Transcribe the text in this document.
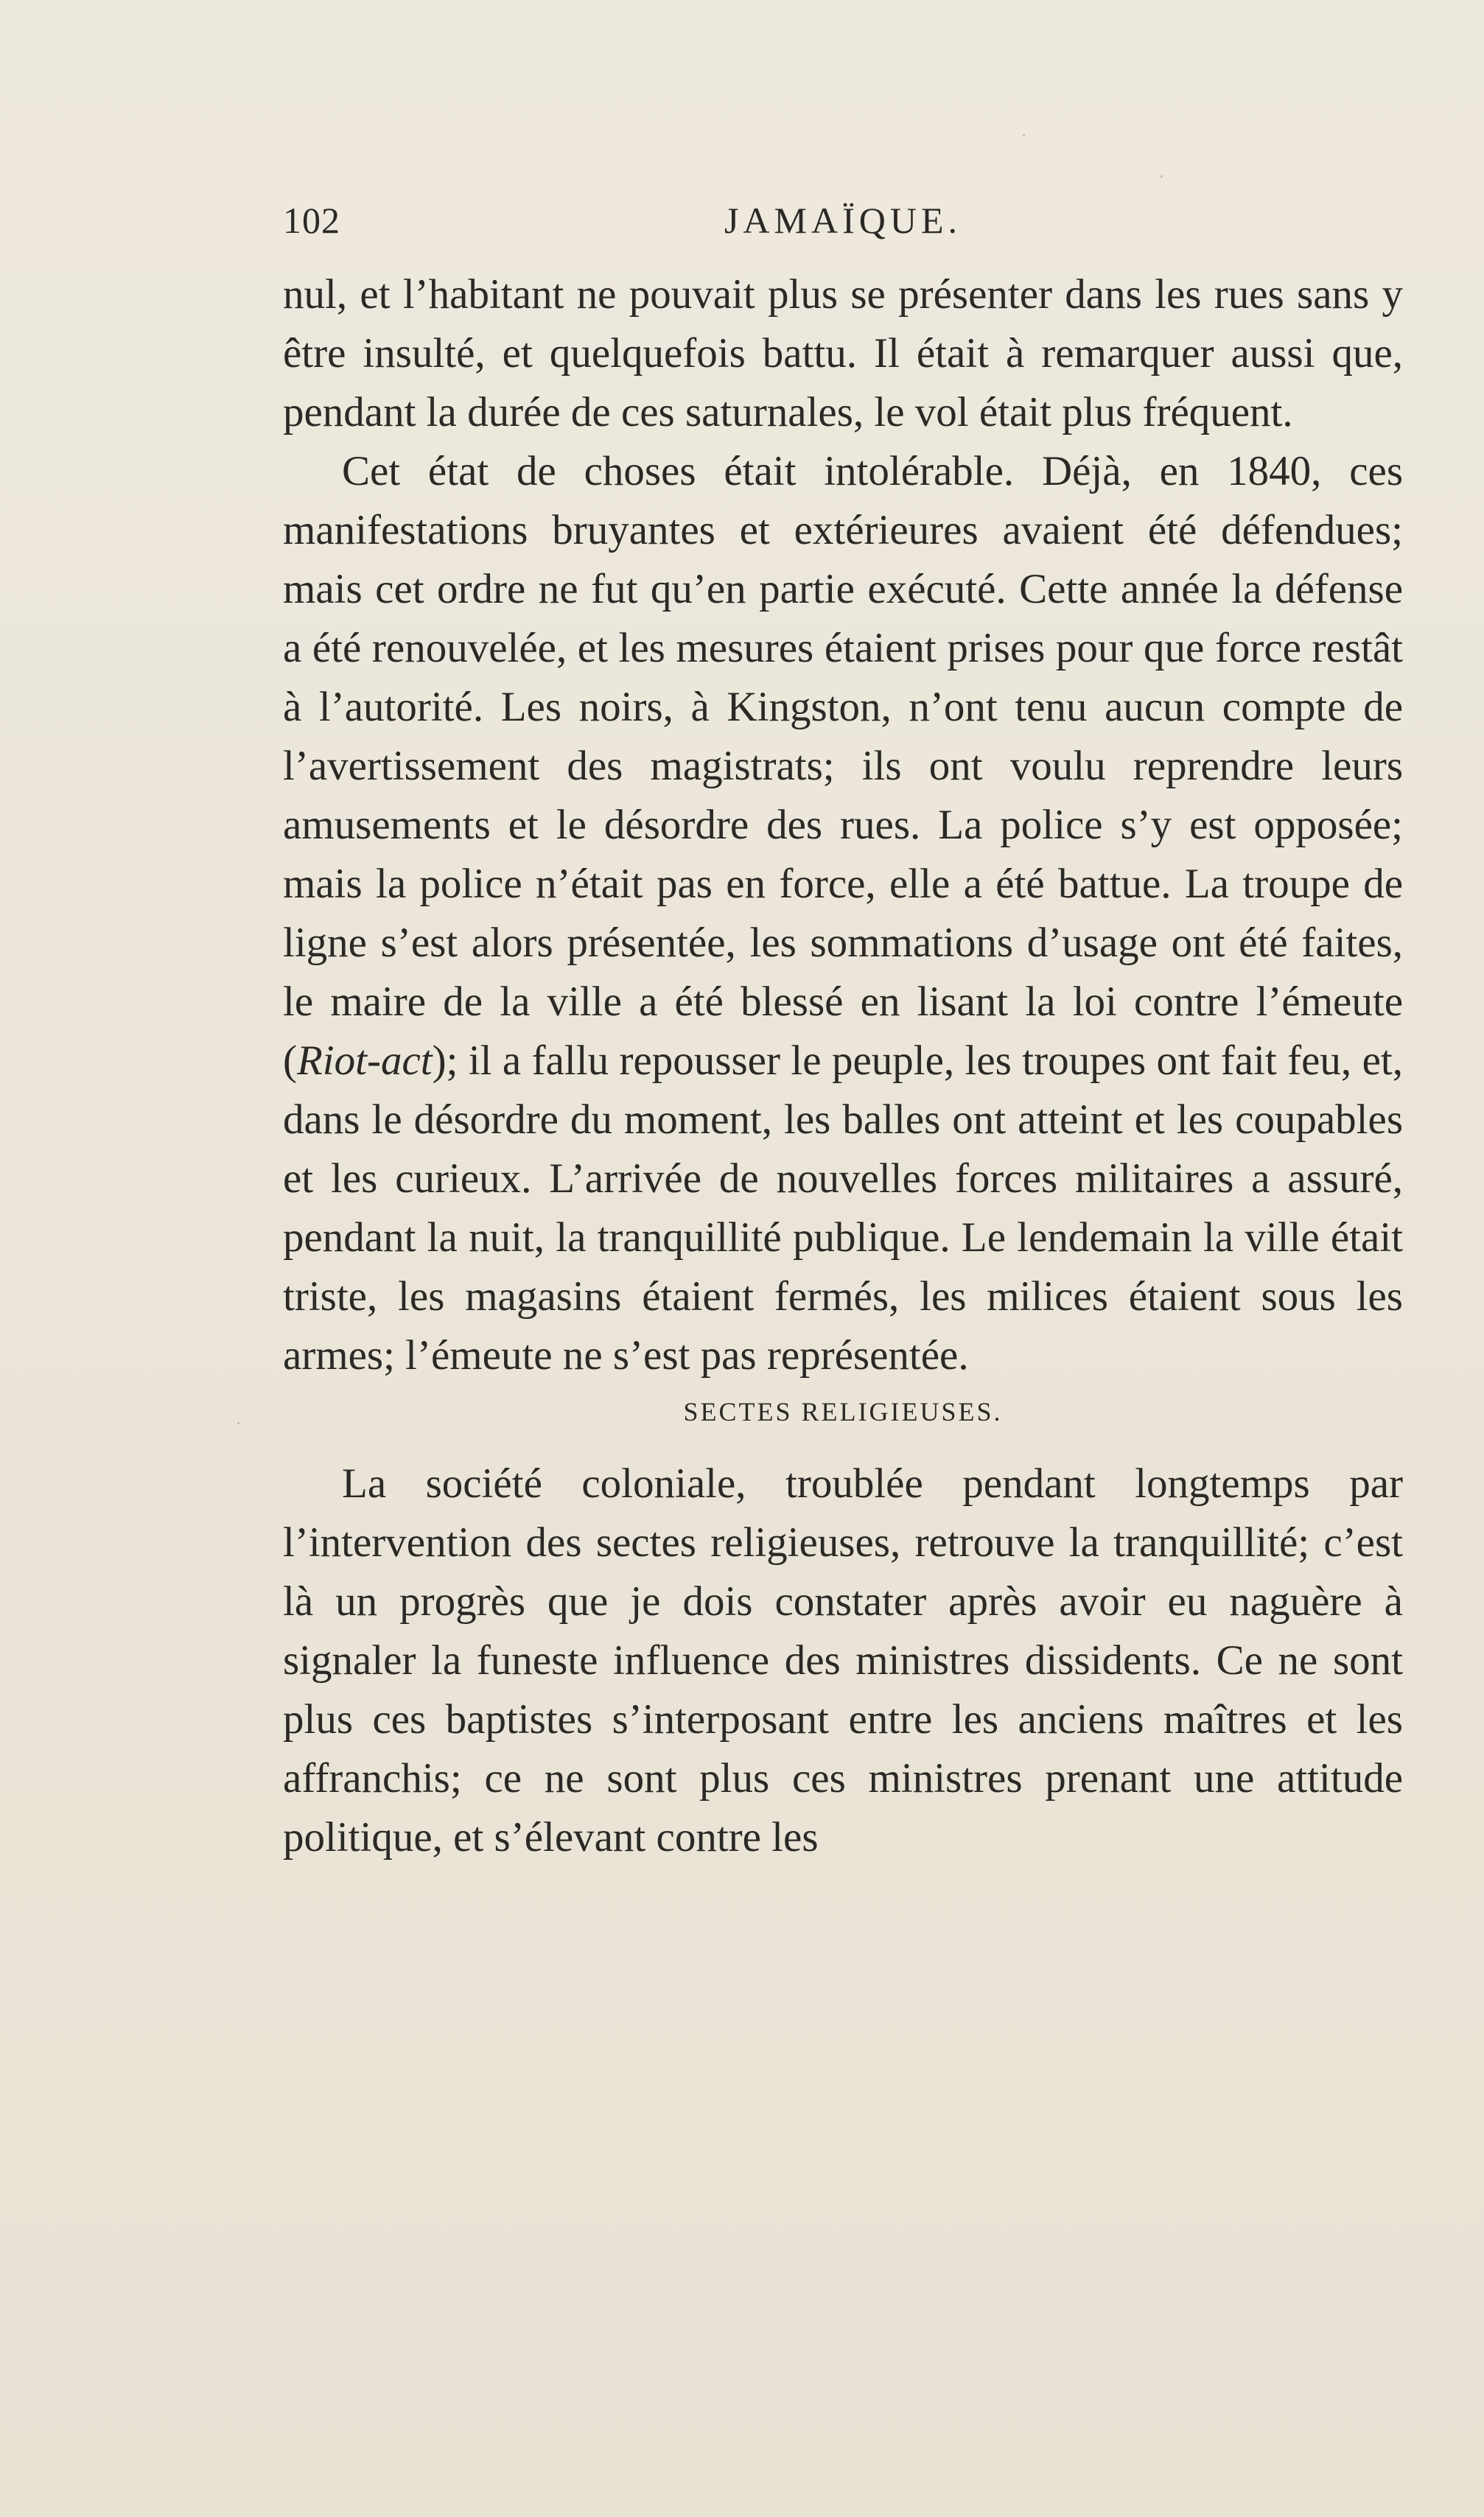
102	JAMAÏQUE.

nul, et l’habitant ne pouvait plus se présenter dans les rues sans y être insulté, et quelquefois battu. Il était à remarquer aussi que, pendant la durée de ces saturnales, le vol était plus fréquent.

Cet état de choses était intolérable. Déjà, en 1840, ces manifestations bruyantes et extérieures avaient été défendues; mais cet ordre ne fut qu’en partie exécuté. Cette année la défense a été renouvelée, et les mesures étaient prises pour que force restât à l’autorité. Les noirs, à Kingston, n’ont tenu aucun compte de l’avertissement des magistrats; ils ont voulu reprendre leurs amusements et le désordre des rues. La police s’y est opposée; mais la police n’était pas en force, elle a été battue. La troupe de ligne s’est alors présentée, les sommations d’usage ont été faites, le maire de la ville a été blessé en lisant la loi contre l’émeute (Riot-act); il a fallu repousser le peuple, les troupes ont fait feu, et, dans le désordre du moment, les balles ont atteint et les coupables et les curieux. L’arrivée de nouvelles forces militaires a assuré, pendant la nuit, la tranquillité publique. Le lendemain la ville était triste, les magasins étaient fermés, les milices étaient sous les armes; l’émeute ne s’est pas représentée.

SECTES RELIGIEUSES.

La société coloniale, troublée pendant longtemps par l’intervention des sectes religieuses, retrouve la tranquillité; c’est là un progrès que je dois constater après avoir eu naguère à signaler la funeste influence des ministres dissidents. Ce ne sont plus ces baptistes s’interposant entre les anciens maîtres et les affranchis; ce ne sont plus ces ministres prenant une attitude politique, et s’élevant contre les
